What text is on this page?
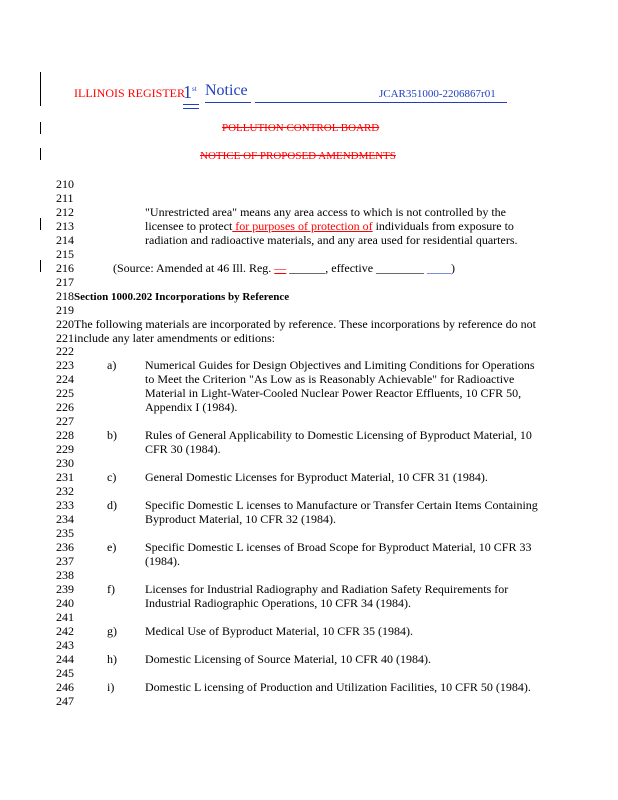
ILLINOIS REGISTER
1st Notice	JCAR351000-2206867r01
POLLUTION CONTROL BOARD
NOTICE OF PROPOSED AMENDMENTS
210
211
212
213
214
215
216
217
218
219
220
221
222
223
224
225
226
227
228
229
230
231
232
233
234
235
236
237
238
239
240
241
242
243
244
245
246
247
"Unrestricted area" means any area access to which is not controlled by the
licensee to protect for purposes of protection of individuals from exposure to
radiation and radioactive materials, and any area used for residential quarters.
(Source: Amended at 46 Ill. Reg. — ______, effective ________ ____)
Section 1000.202 Incorporations by Reference
The following materials are incorporated by reference. These incorporations by reference do not
include any later amendments or editions:
a) Numerical Guides for Design Objectives and Limiting Conditions for Operations
to Meet the Criterion "As Low as is Reasonably Achievable" for Radioactive
Material in Light-Water-Cooled Nuclear Power Reactor Effluents, 10 CFR 50,
Appendix I (1984).
b) Rules of General Applicability to Domestic Licensing of Byproduct Material, 10
CFR 30 (1984).
c) General Domestic Licenses for Byproduct Material, 10 CFR 31 (1984).
d) Specific Domestic L icenses to Manufacture or Transfer Certain Items Containing
Byproduct Material, 10 CFR 32 (1984).
e) Specific Domestic L icenses of Broad Scope for Byproduct Material, 10 CFR 33
(1984).
f)	Licenses for Industrial Radiography and Radiation Safety Requirements for
Industrial Radiographic Operations, 10 CFR 34 (1984).
g) Medical Use of Byproduct Material, 10 CFR 35 (1984).
h) Domestic Licensing of Source Material, 10 CFR 40 (1984).
i)	Domestic L icensing of Production and Utilization Facilities, 10 CFR 50 (1984).
